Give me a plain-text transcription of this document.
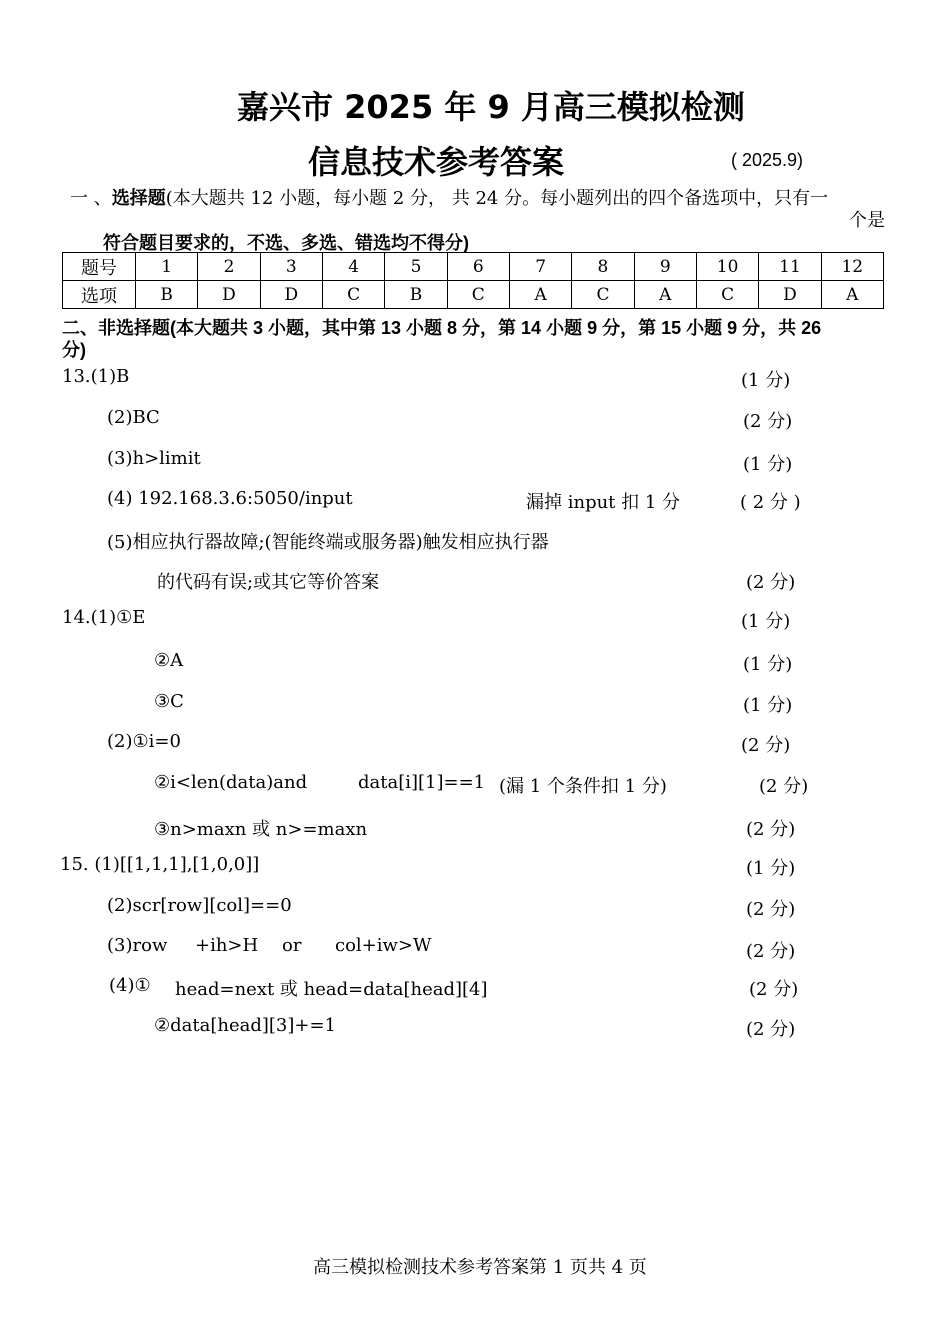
嘉兴市 2025 年 9 月高三模拟检测
信息技术参考答案	( 2025.9)
一 、选择题(本大题共 12 小题，每小题 2 分， 共 24 分。每小题列出的四个备选项中，只有一
个是
符合题目要求的，不选、多选、错选均不得分)
题号	1	2	3	4	5	6	7	8	9	10	11	12
选项	B	D	D	C	B	C	A	C	A	C	D	A
二、非选择题(本大题共 3 小题，其中第 13 小题 8 分，第 14 小题 9 分，第 15 小题 9 分，共 26
分)
13.(1)B	(1 分)
(2)BC	(2 分)
(3)h>limit	(1 分)
(4) 192.168.3.6:5050/input	漏掉 input 扣 1 分	( 2 分 )
(5)相应执行器故障;(智能终端或服务器)触发相应执行器
的代码有误;或其它等价答案	(2 分)
14.(1)①E	(1 分)
②A	(1 分)
③C	(1 分)
(2)①i=0	(2 分)
②i<len(data)and	data[i][1]==1 (漏 1 个条件扣 1 分)	(2 分)
③n>maxn 或 n>=maxn	(2 分)
15. (1)[[1,1,1],[1,0,0]]	(1 分)
(2)scr[row][col]==0	(2 分)
(3)row +ih>H or col+iw>W	(2 分)
(4)① head=next 或 head=data[head][4]	(2 分)
②data[head][3]+=1	(2 分)
高三模拟检测技术参考答案第 1 页共 4 页
